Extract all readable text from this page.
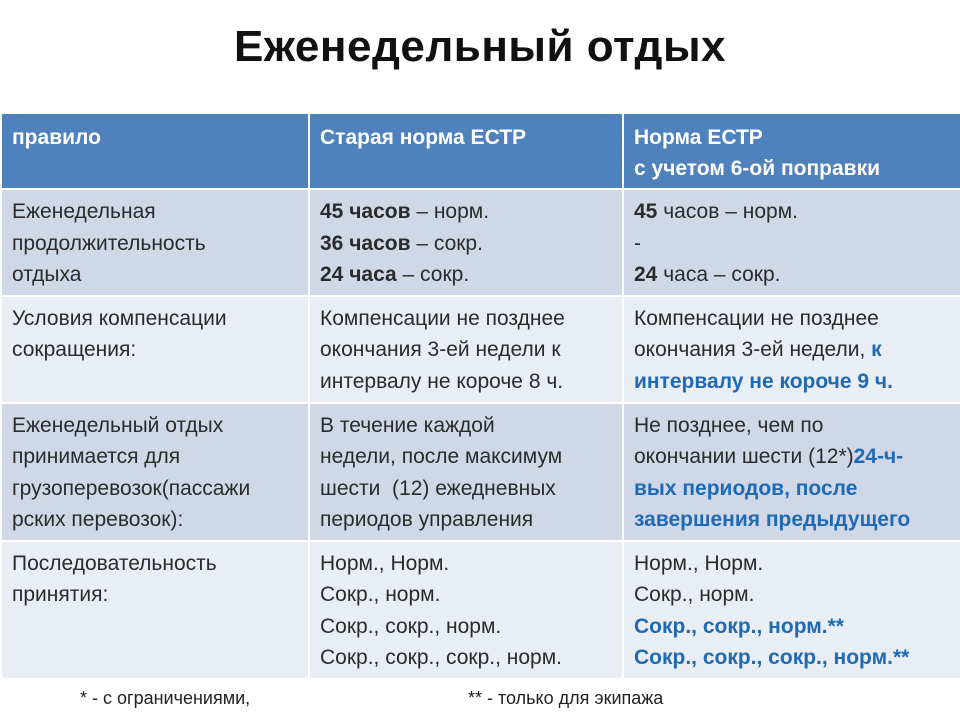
Еженедельный отдых
правило	Старая норма ЕСТР	Норма ЕСТР
с учетом 6-ой поправки

Еженедельная
продолжительность
отдыха	45 часов – норм.
36 часов – сокр.
24 часа – сокр.	45 часов – норм.
-
24 часа – сокр.

Условия компенсации
сокращения:	Компенсации не позднее
окончания 3-ей недели к
интервалу не короче 8 ч.	Компенсации не позднее
окончания 3-ей недели, к
интервалу не короче 9 ч.

Еженедельный отдых
принимается для
грузоперевозок(пассажи
рских перевозок):	В течение каждой
недели, после максимум
шести  (12) ежедневных
периодов управления	Не позднее, чем по
окончании шести (12*)24-ч-
вых периодов, после
завершения предыдущего

Последовательность
принятия:	Норм., Норм.
Сокр., норм.
Сокр., сокр., норм.
Сокр., сокр., сокр., норм.	Норм., Норм.
Сокр., норм.
Сокр., сокр., норм.**
Сокр., сокр., сокр., норм.**
* - с ограничениями,	** - только для экипажа
